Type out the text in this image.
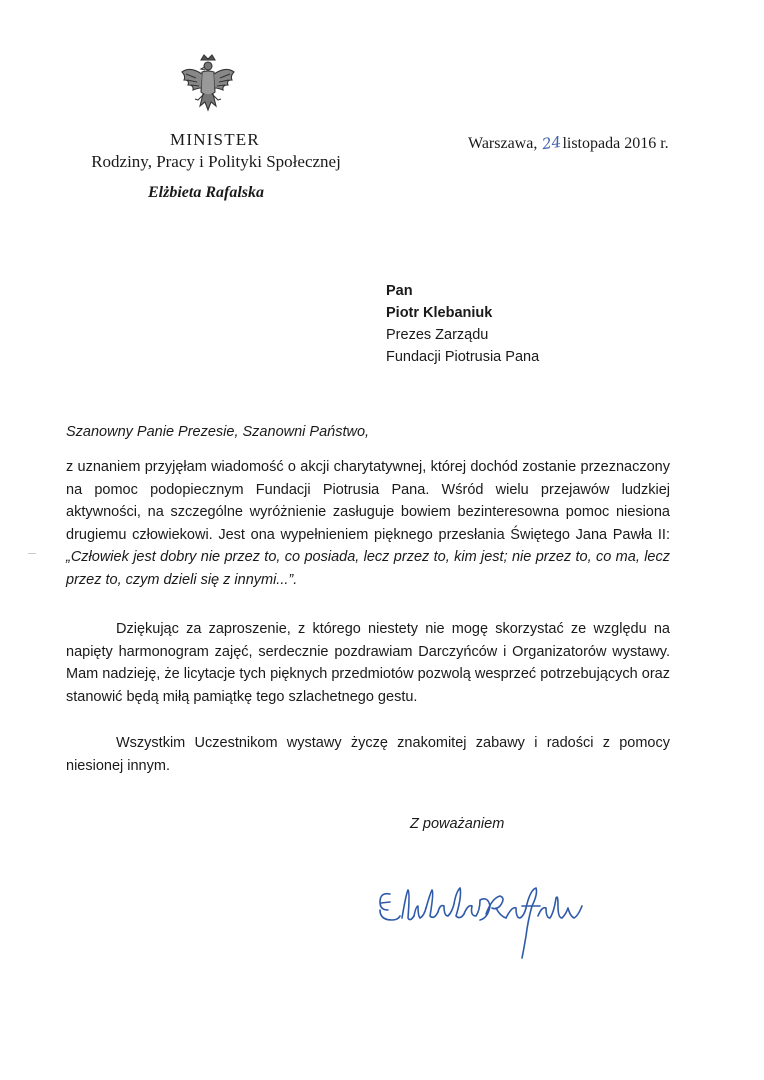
MINISTER
Rodziny, Pracy i Polityki Społecznej
Elżbieta Rafalska
Warszawa, 24listopada 2016 r.
Pan
Piotr Klebaniuk
Prezes Zarządu
Fundacji Piotrusia Pana
Szanowny Panie Prezesie, Szanowni Państwo,
z uznaniem przyjęłam wiadomość o akcji charytatywnej, której dochód zostanie przeznaczony na pomoc podopiecznym Fundacji Piotrusia Pana. Wśród wielu przejawów ludzkiej aktywności, na szczególne wyróżnienie zasługuje bowiem bezinteresowna pomoc niesiona drugiemu człowiekowi. Jest ona wypełnieniem pięknego przesłania Świętego Jana Pawła II: „Człowiek jest dobry nie przez to, co posiada, lecz przez to, kim jest; nie przez to, co ma, lecz przez to, czym dzieli się z innymi...”.
Dziękując za zaproszenie, z którego niestety nie mogę skorzystać ze względu na napięty harmonogram zajęć, serdecznie pozdrawiam Darczyńców i Organizatorów wystawy. Mam nadzieję, że licytacje tych pięknych przedmiotów pozwolą wesprzeć potrzebujących oraz stanowić będą miłą pamiątkę tego szlachetnego gestu.
Wszystkim Uczestnikom wystawy życzę znakomitej zabawy i radości z pomocy niesionej innym.
Z poważaniem
